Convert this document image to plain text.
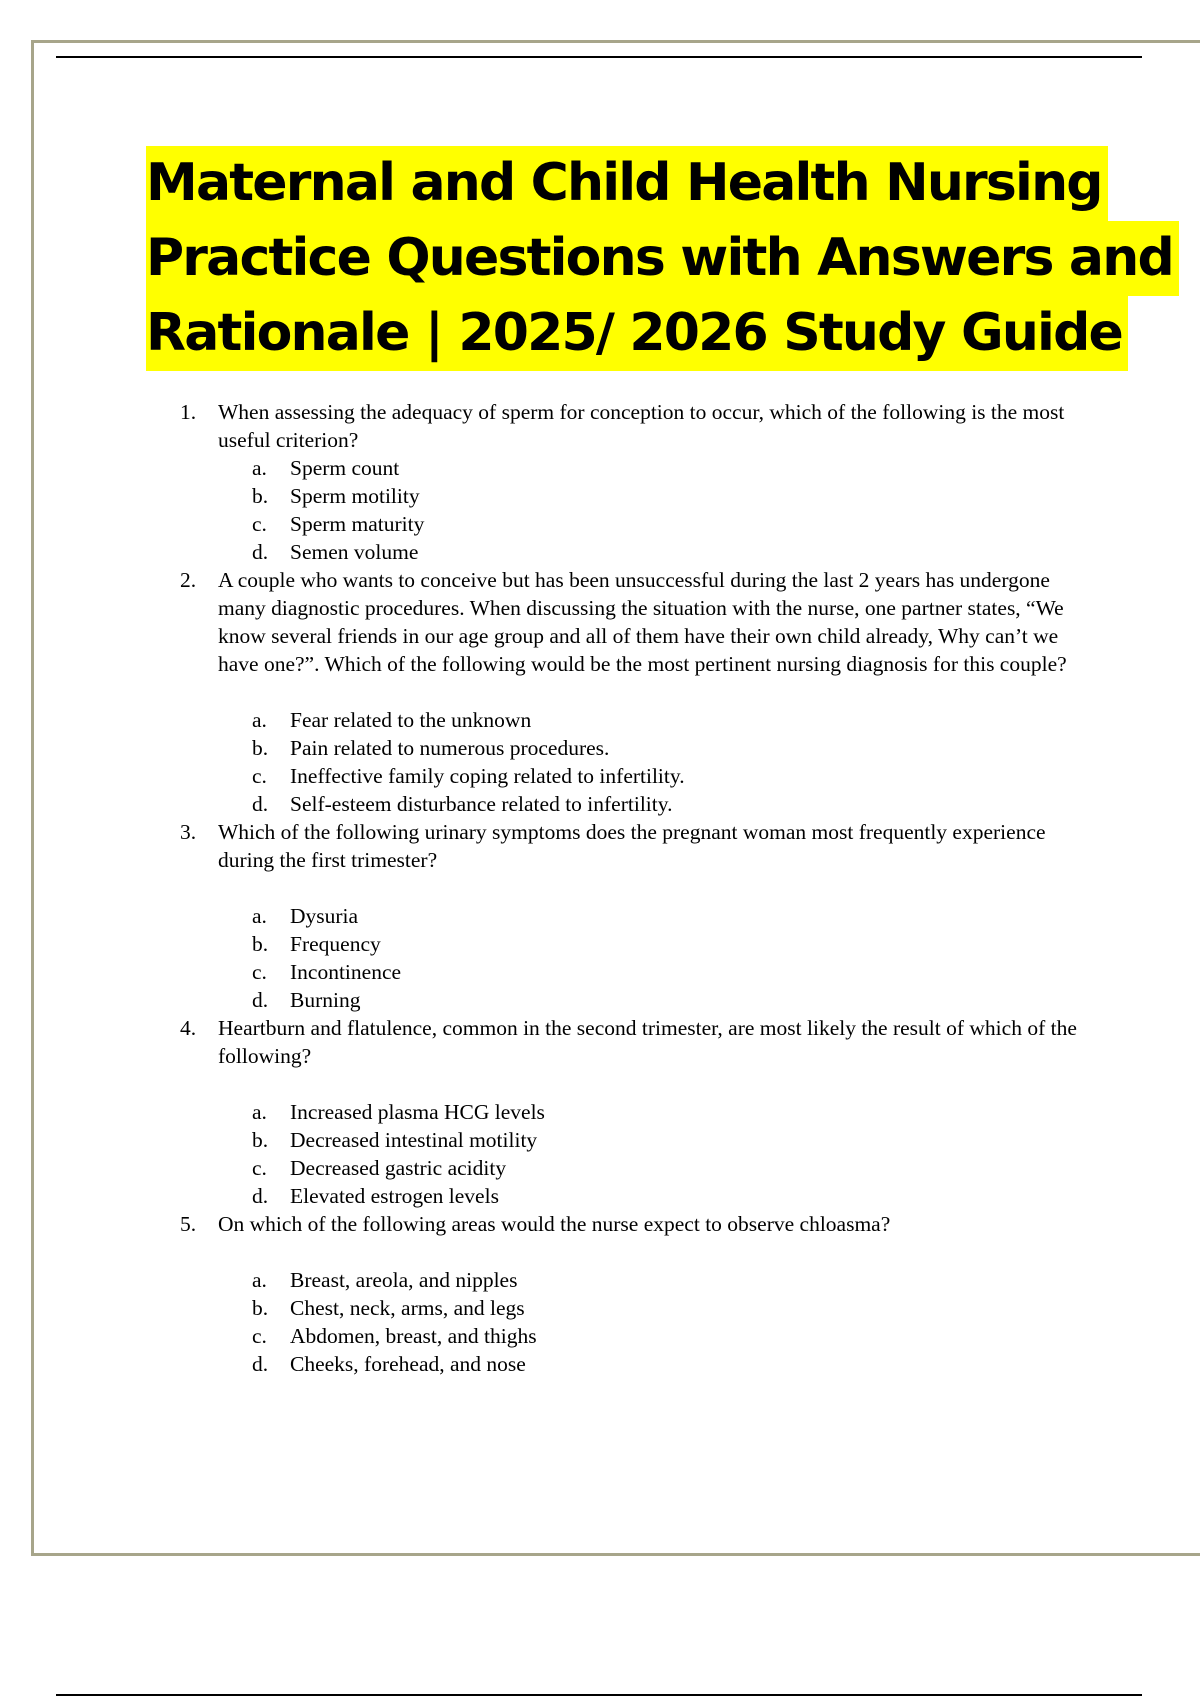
Maternal and Child Health Nursing
Practice Questions with Answers and
Rationale | 2025/ 2026 Study Guide
1. When assessing the adequacy of sperm for conception to occur, which of the following is the most useful criterion?
a. Sperm count
b. Sperm motility
c. Sperm maturity
d. Semen volume
2. A couple who wants to conceive but has been unsuccessful during the last 2 years has undergone many diagnostic procedures. When discussing the situation with the nurse, one partner states, “We know several friends in our age group and all of them have their own child already, Why can’t we have one?”. Which of the following would be the most pertinent nursing diagnosis for this couple?
a. Fear related to the unknown
b. Pain related to numerous procedures.
c. Ineffective family coping related to infertility.
d. Self-esteem disturbance related to infertility.
3. Which of the following urinary symptoms does the pregnant woman most frequently experience during the first trimester?
a. Dysuria
b. Frequency
c. Incontinence
d. Burning
4. Heartburn and flatulence, common in the second trimester, are most likely the result of which of the following?
a. Increased plasma HCG levels
b. Decreased intestinal motility
c. Decreased gastric acidity
d. Elevated estrogen levels
5. On which of the following areas would the nurse expect to observe chloasma?
a. Breast, areola, and nipples
b. Chest, neck, arms, and legs
c. Abdomen, breast, and thighs
d. Cheeks, forehead, and nose
